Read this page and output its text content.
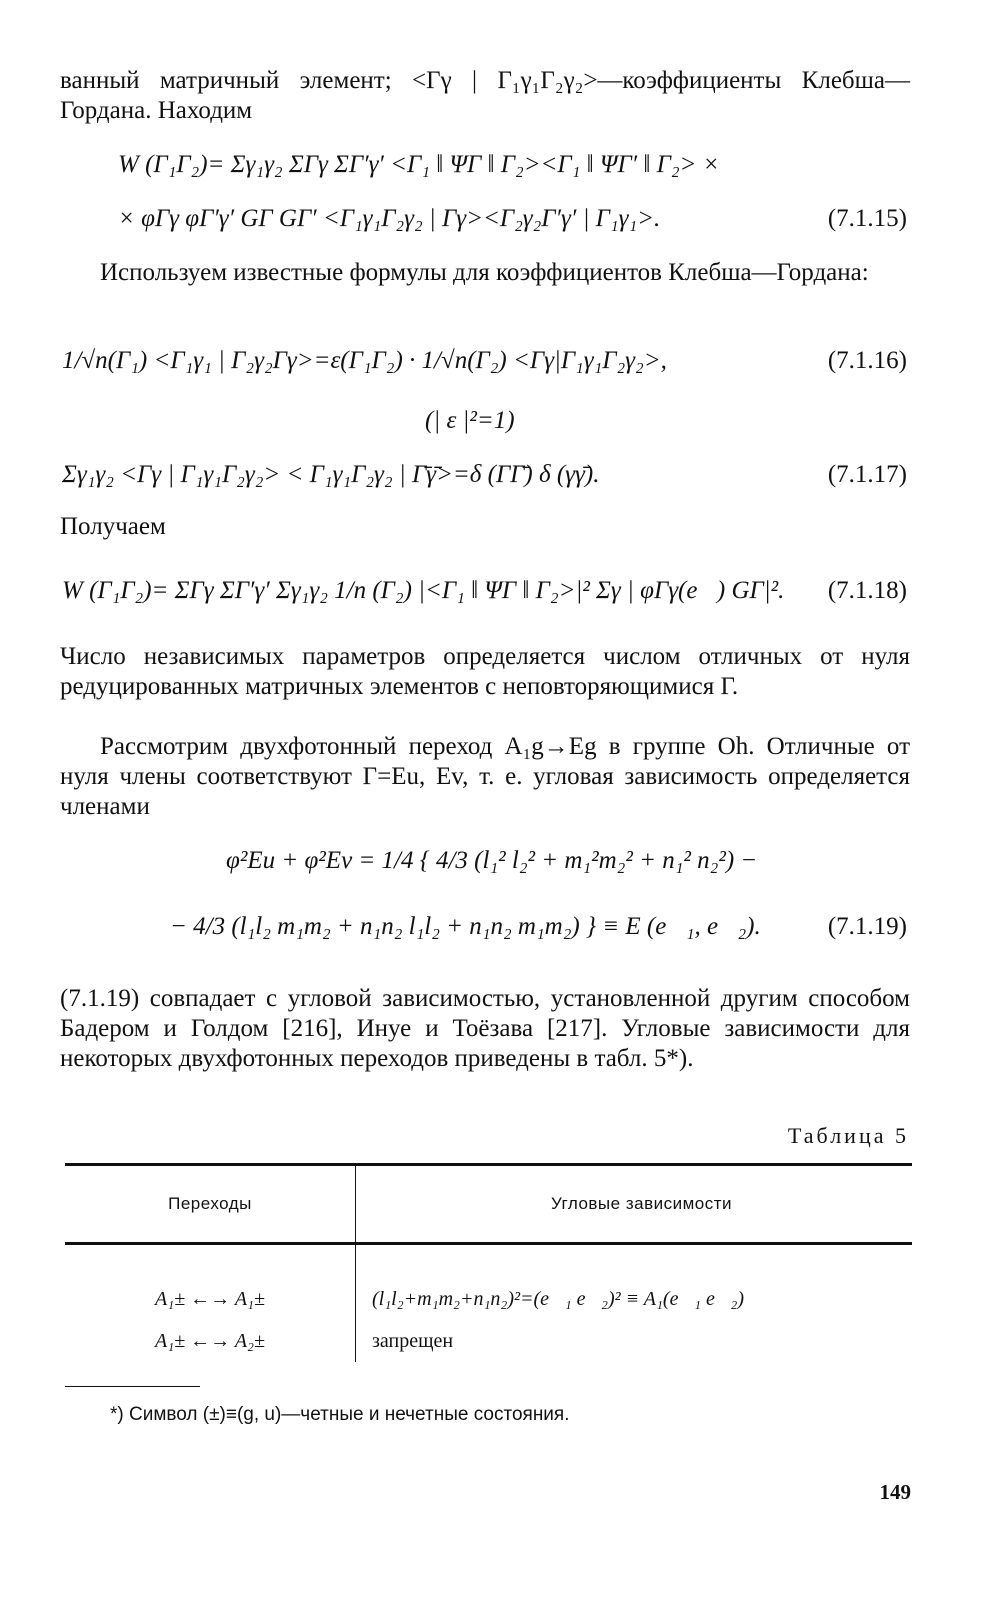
ванный матричный элемент; <Γγ | Γ₁γ₁Γ₂γ₂>—коэффициенты Клебша—Гордана. Находим

W (Γ₁Γ₂)= Σγ₁γ₂ ΣΓγ ΣΓ′γ′ <Γ₁ ‖ ΨΓ ‖ Γ₂><Γ₁ ‖ ΨΓ′ ‖ Γ₂> ×
× φΓγ φΓ′γ′ GΓ GΓ′ <Γ₁γ₁Γ₂γ₂ | Γγ><Γ₂γ₂Γ′γ′ | Γ₁γ₁>.	(7.1.15)

Используем известные формулы для коэффициентов Клебша—Гордана:

1/√n(Γ₁) <Γ₁γ₁ | Γ₂γ₂Γγ>=ε(Γ₁Γ₂) · 1/√n(Γ₂) <Γγ|Γ₁γ₁Γ₂γ₂>,	(7.1.16)
(| ε |²=1)
Σγ₁γ₂ <Γγ | Γ₁γ₁Γ₂γ₂> < Γ₁γ₁Γ₂γ₂ | Γ̄γ̄>=δ (ΓΓ̄) δ (γγ̄).	(7.1.17)

Получаем

W (Γ₁Γ₂)= ΣΓγ ΣΓ′γ′ Σγ₁γ₂ 1/n (Γ₂) |<Γ₁ ‖ ΨΓ ‖ Γ₂>|² Σγ | φΓγ(e⃗) GΓ|². (7.1.18)

Число независимых параметров определяется числом отличных от нуля редуцированных матричных элементов с неповторяющимися Γ.

Рассмотрим двухфотонный переход A₁g→Eg в группе Oh. Отличные от нуля члены соответствуют Γ=Eu, Ev, т. е. угловая зависимость определяется членами

φ²Eu + φ²Ev = 1/4 { 4/3 (l₁² l₂² + m₁²m₂² + n₁² n₂²) −
− 4/3 (l₁l₂ m₁m₂ + n₁n₂ l₁l₂ + n₁n₂ m₁m₂) } ≡ E (e⃗₁, e⃗₂).	(7.1.19)

(7.1.19) совпадает с угловой зависимостью, установленной другим способом Бадером и Голдом [216], Инуе и Тоёзава [217]. Угловые зависимости для некоторых двухфотонных переходов приведены в табл. 5*).

Таблица 5
Переходы	Угловые зависимости
A₁± ←→ A₁±	(l₁l₂+m₁m₂+n₁n₂)²=(e⃗₁ e⃗₂)² ≡ A₁(e⃗₁ e⃗₂)
A₁± ←→ A₂±	запрещен
*) Символ (±)≡(g, u)—четные и нечетные состояния.
149
